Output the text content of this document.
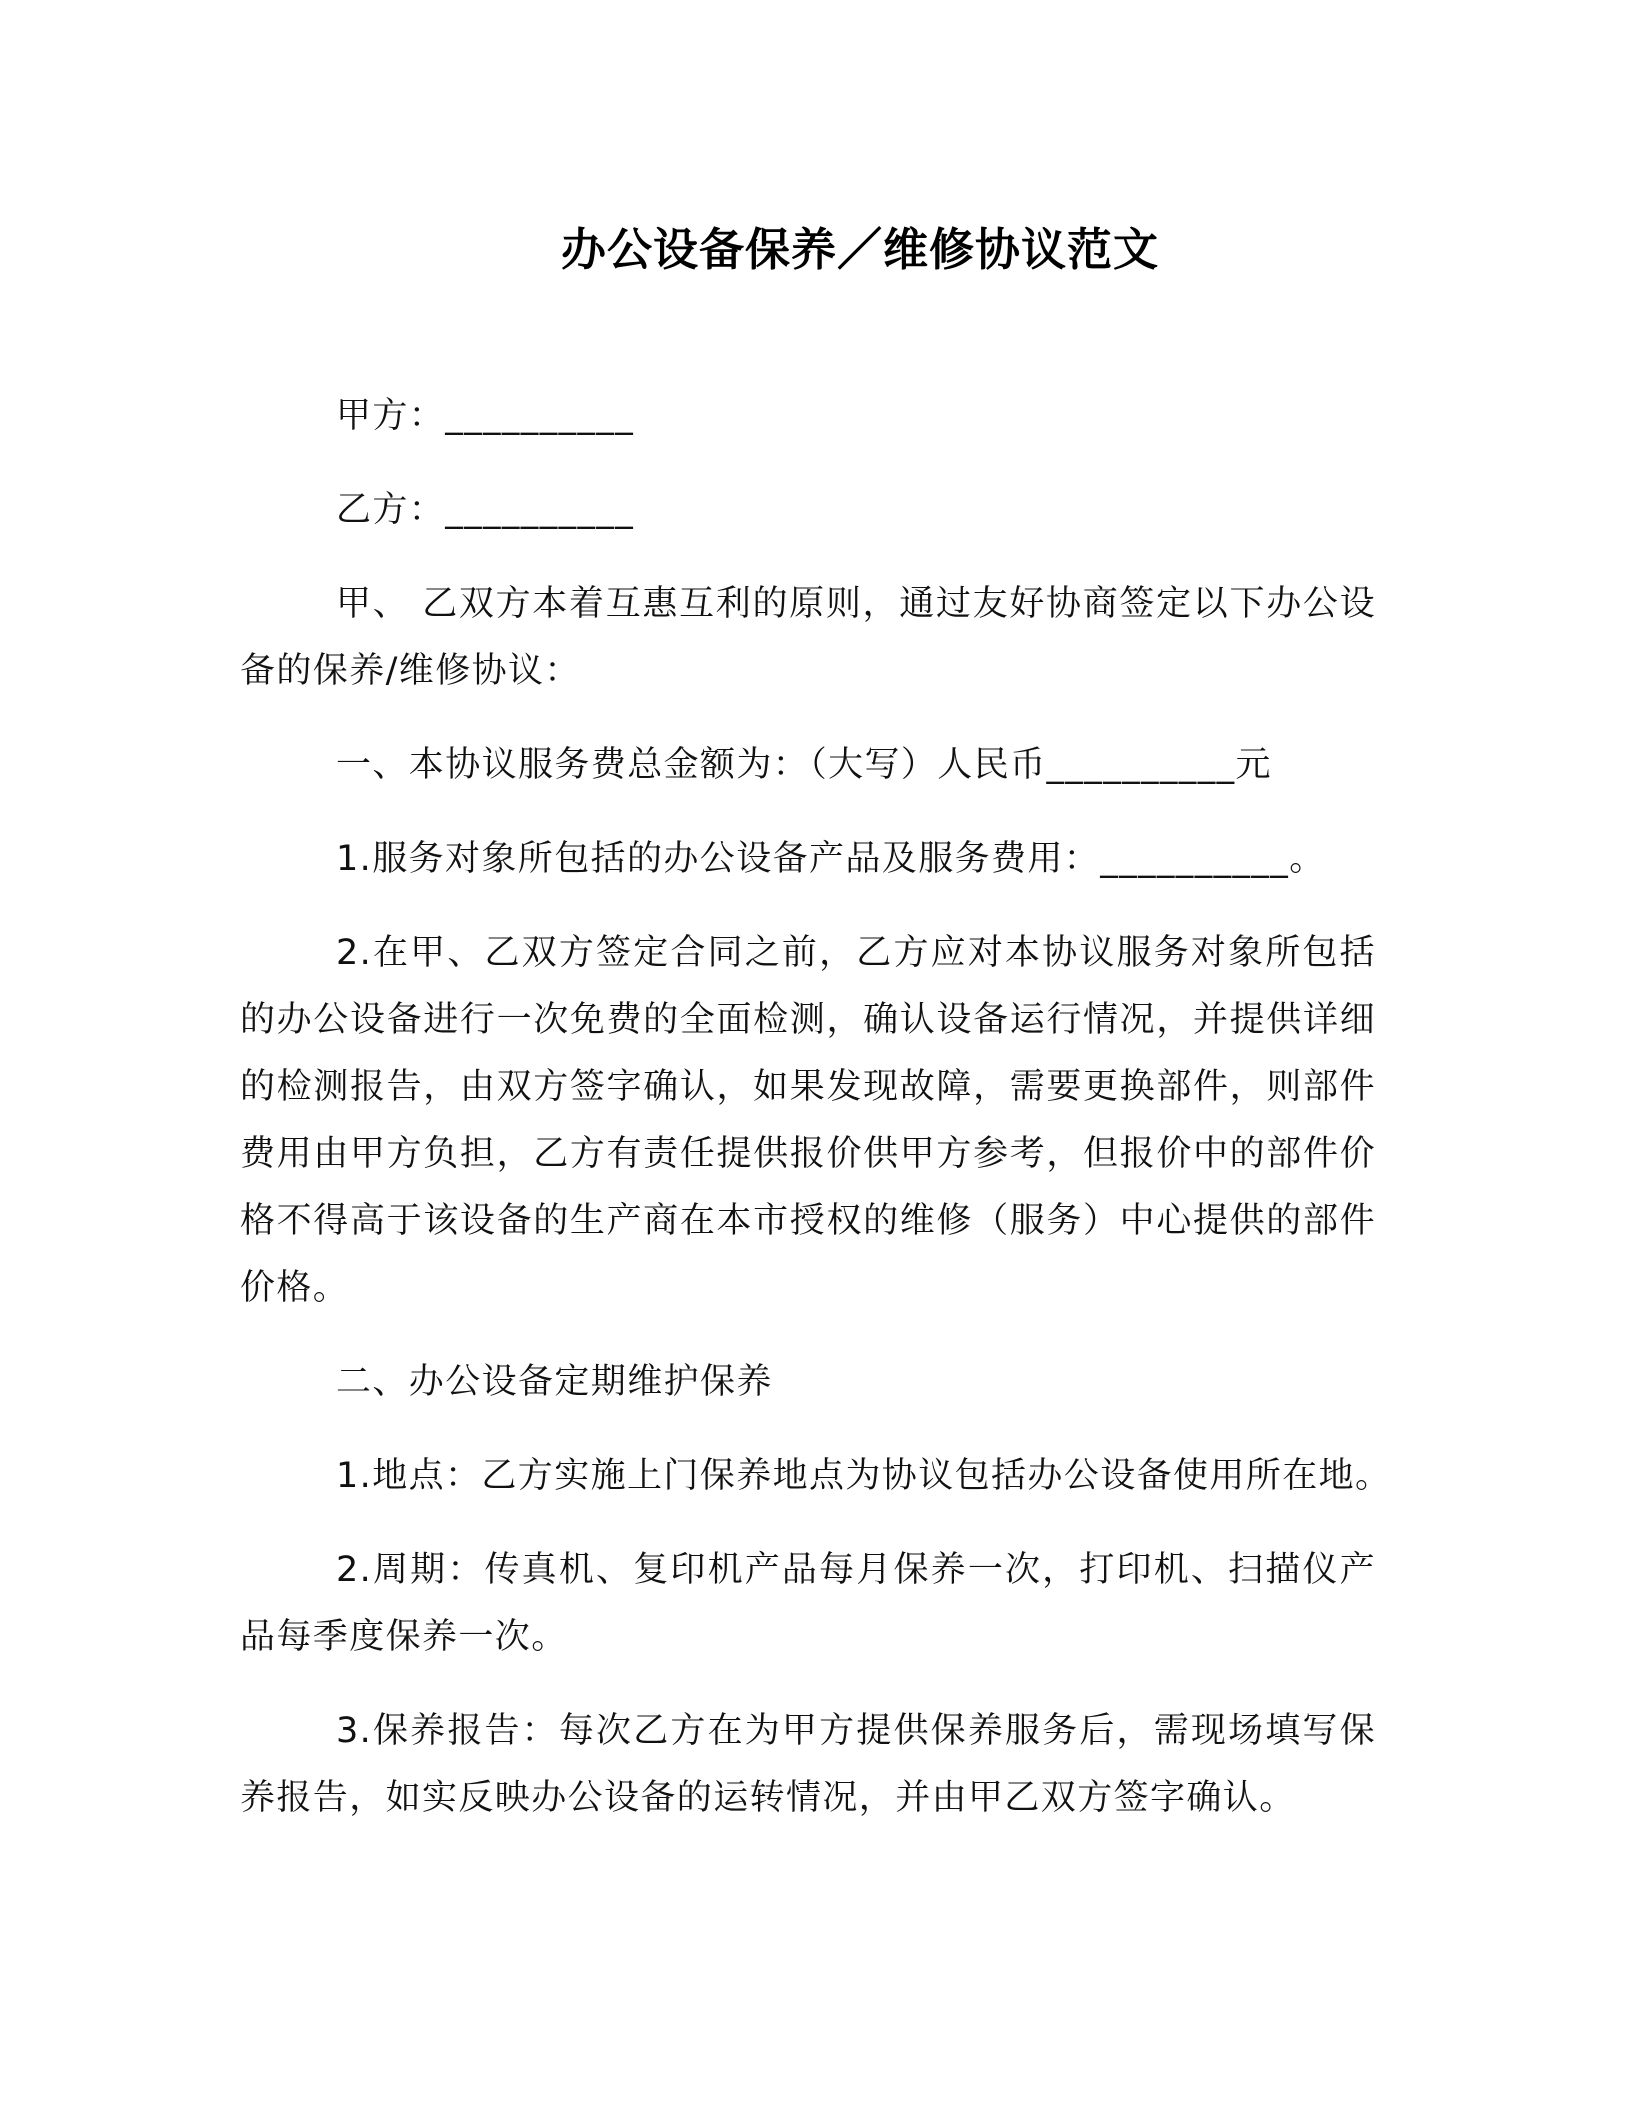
办公设备保养／维修协议范文

甲方：__________

乙方：__________

甲、 乙双方本着互惠互利的原则，通过友好协商签定以下办公设备的保养/维修协议：

一、本协议服务费总金额为：（大写）人民币__________元

1.服务对象所包括的办公设备产品及服务费用：__________。

2.在甲、乙双方签定合同之前，乙方应对本协议服务对象所包括的办公设备进行一次免费的全面检测，确认设备运行情况，并提供详细的检测报告，由双方签字确认，如果发现故障，需要更换部件，则部件费用由甲方负担，乙方有责任提供报价供甲方参考，但报价中的部件价格不得高于该设备的生产商在本市授权的维修（服务）中心提供的部件价格。

二、办公设备定期维护保养

1.地点：乙方实施上门保养地点为协议包括办公设备使用所在地。

2.周期：传真机、复印机产品每月保养一次，打印机、扫描仪产品每季度保养一次。

3.保养报告：每次乙方在为甲方提供保养服务后，需现场填写保养报告，如实反映办公设备的运转情况，并由甲乙双方签字确认。
